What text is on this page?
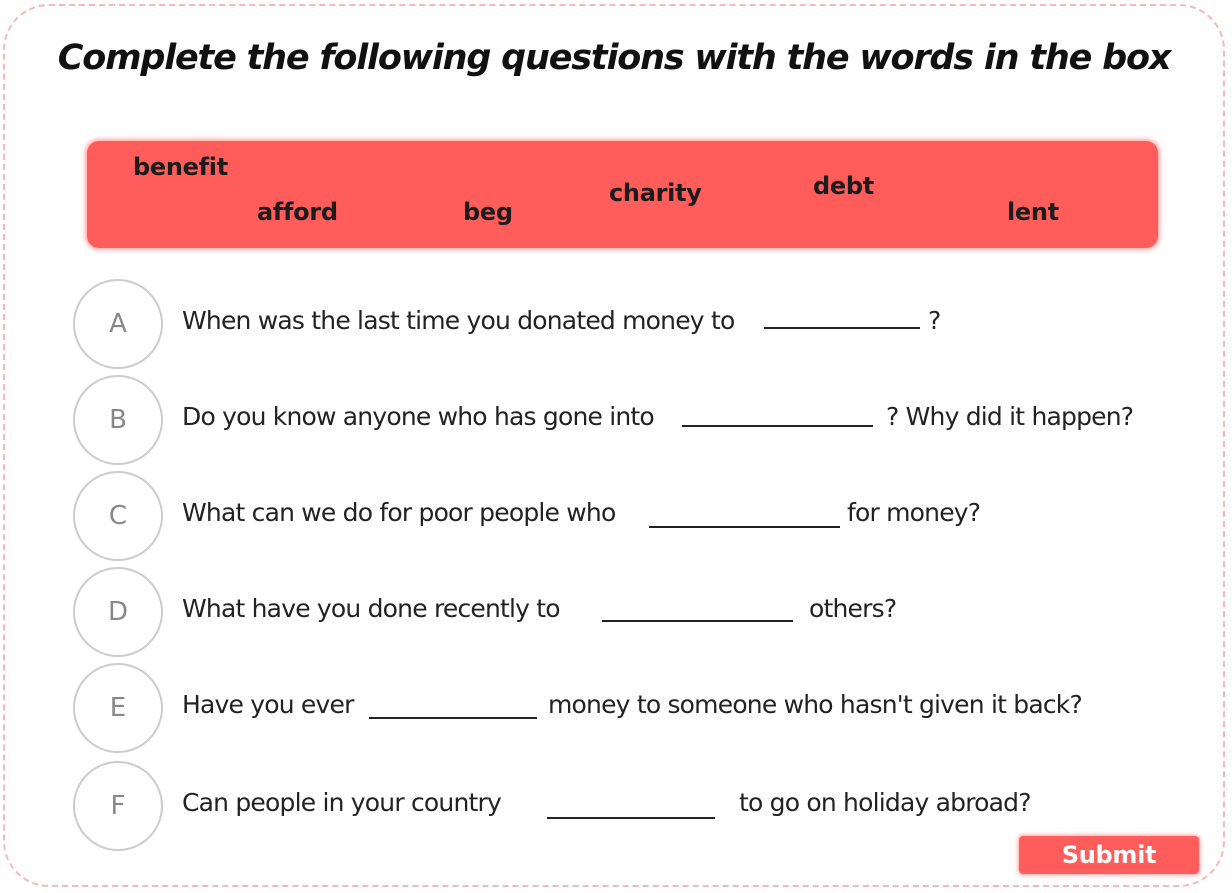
Complete the following questions with the words in the box
benefit
afford	beg
charity	debt
lent
A	When was the last time you donated money to	?
B	Do you know anyone who has gone into	? Why did it happen?
C	What can we do for poor people who	for money?
D	What have you done recently to	others?
E	Have you ever	money to someone who hasn't given it back?
F	Can people in your country	to go on holiday abroad?
Submit
